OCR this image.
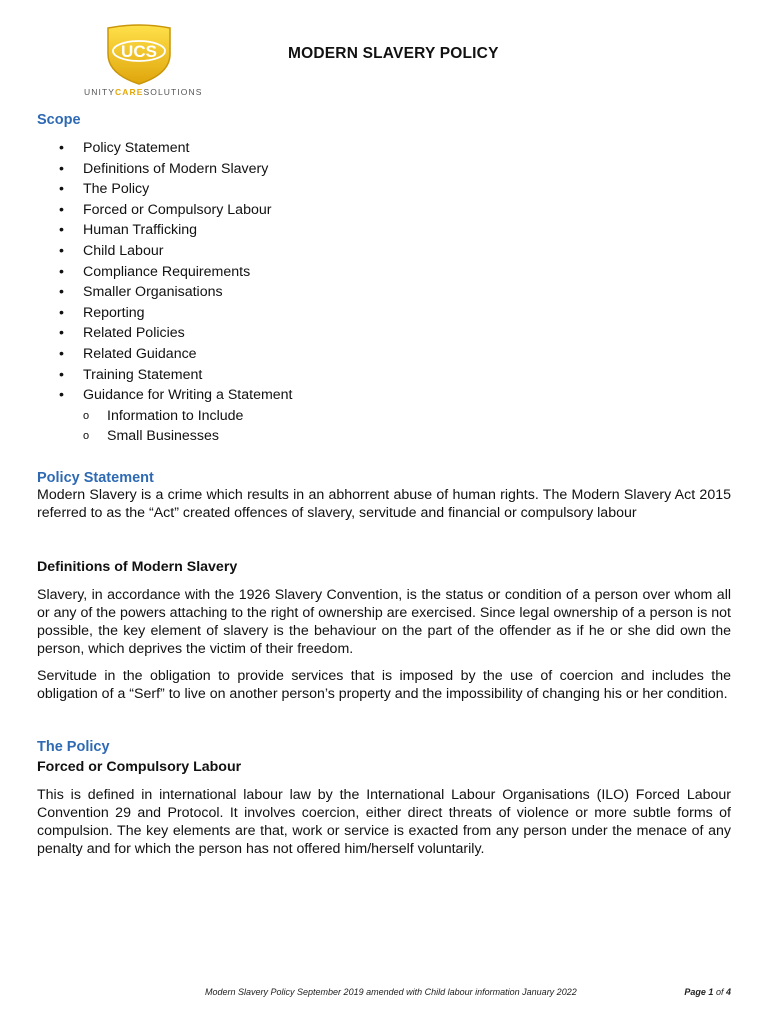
UCS
UNITYCARESOLUTIONS
MODERN SLAVERY POLICY
Scope
• Policy Statement
• Definitions of Modern Slavery
• The Policy
• Forced or Compulsory Labour
• Human Trafficking
• Child Labour
• Compliance Requirements
• Smaller Organisations
• Reporting
• Related Policies
• Related Guidance
• Training Statement
• Guidance for Writing a Statement
o Information to Include
o Small Businesses
Policy Statement

Modern Slavery is a crime which results in an abhorrent abuse of human rights. The Modern Slavery Act 2015 referred to as the “Act” created offences of slavery, servitude and financial or compulsory labour

Definitions of Modern Slavery

Slavery, in accordance with the 1926 Slavery Convention, is the status or condition of a person over whom all or any of the powers attaching to the right of ownership are exercised. Since legal ownership of a person is not possible, the key element of slavery is the behaviour on the part of the offender as if he or she did own the person, which deprives the victim of their freedom.

Servitude in the obligation to provide services that is imposed by the use of coercion and includes the obligation of a “Serf” to live on another person’s property and the impossibility of changing his or her condition.

The Policy

Forced or Compulsory Labour

This is defined in international labour law by the International Labour Organisations (ILO) Forced Labour Convention 29 and Protocol. It involves coercion, either direct threats of violence or more subtle forms of compulsion. The key elements are that, work or service is exacted from any person under the menace of any penalty and for which the person has not offered him/herself voluntarily.

Modern Slavery Policy September 2019 amended with Child labour information January 2022	Page 1 of 4
